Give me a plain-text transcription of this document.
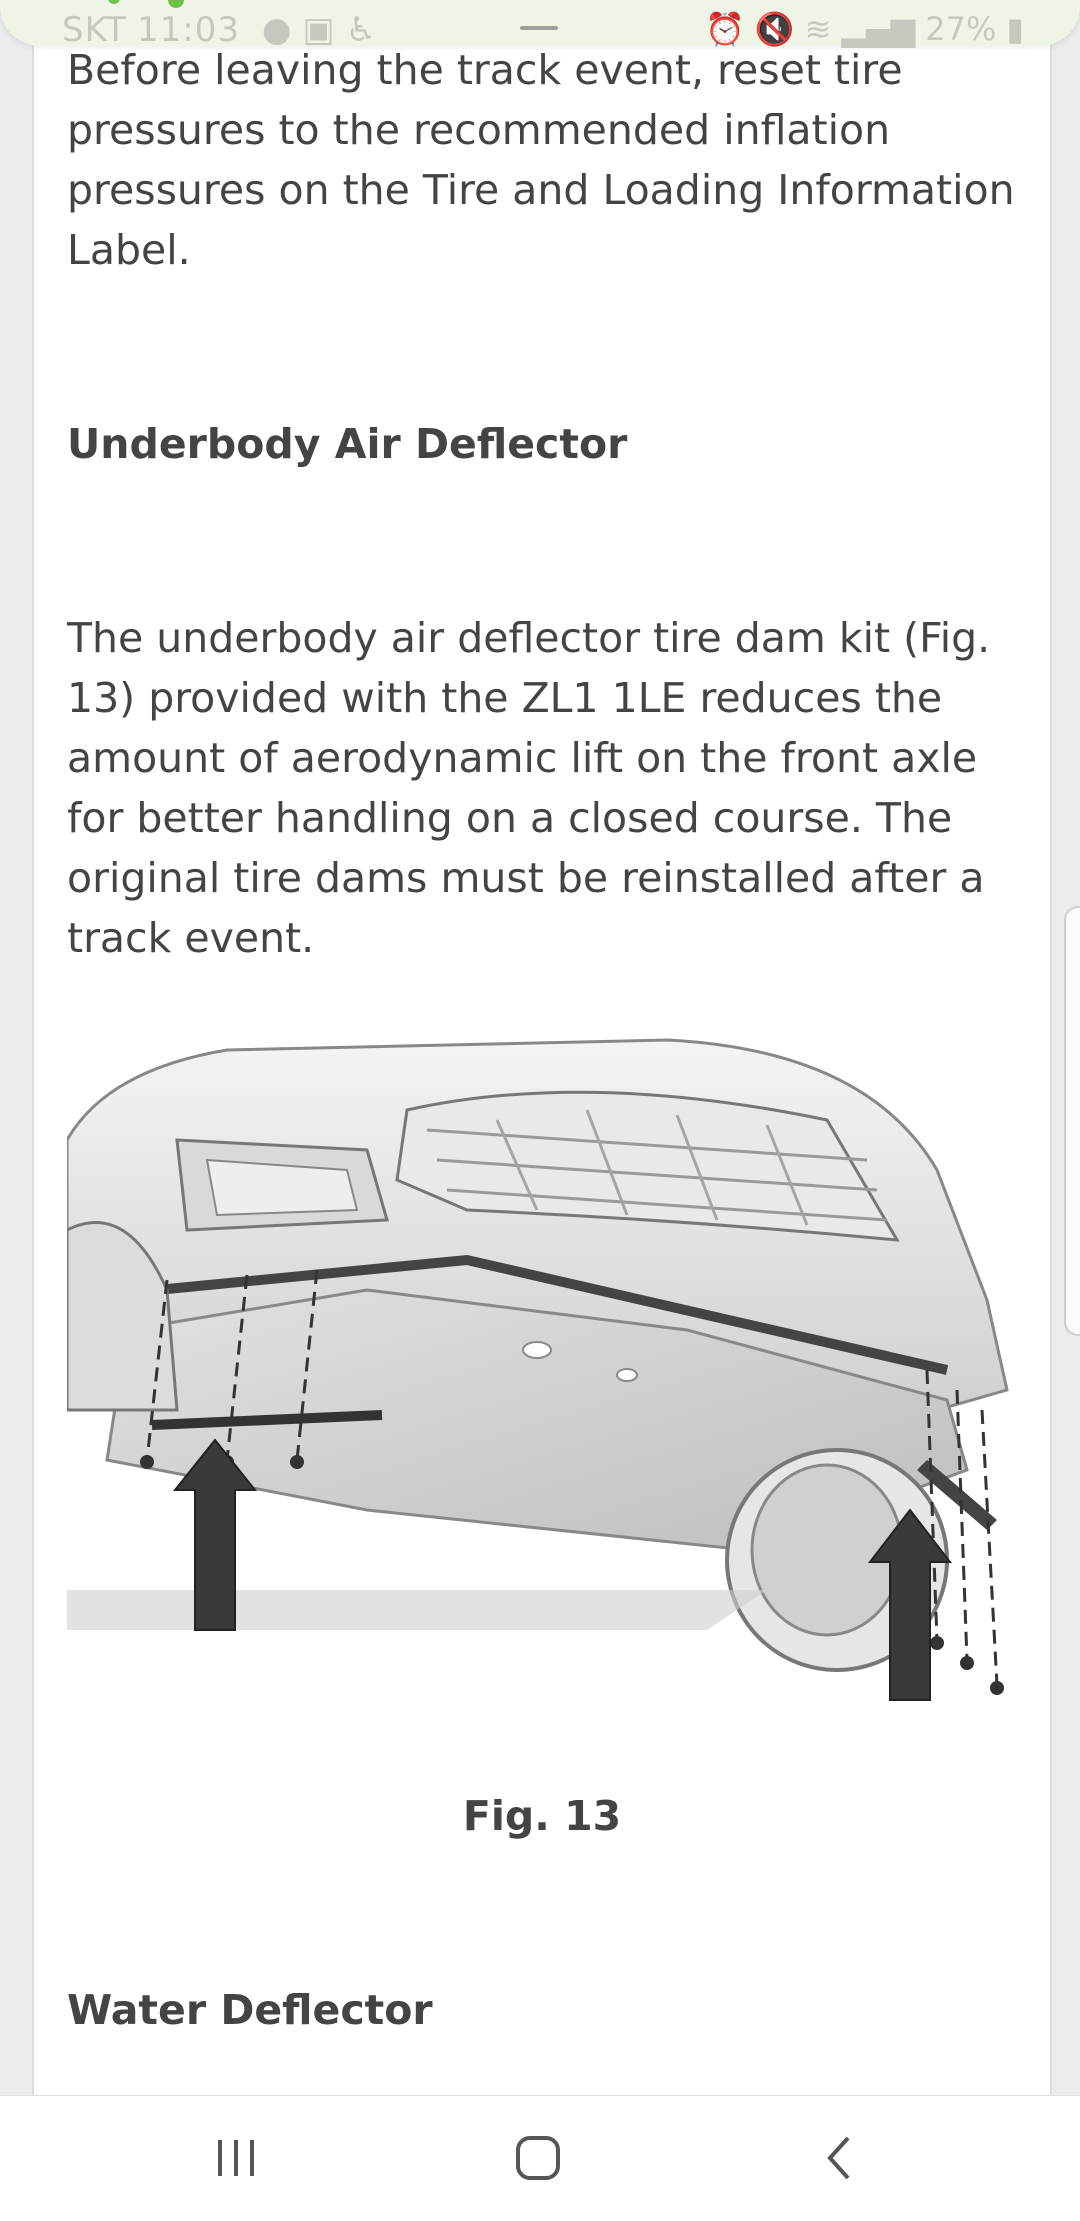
SKT 11:03 ● ▣ ♿	⏰ 🔇 ≋ ▂▄▆ 27% ▮

Before leaving the track event, reset tire pressures to the recommended inflation pressures on the Tire and Loading Information Label.

Underbody Air Deflector

The underbody air deflector tire dam kit (Fig. 13) provided with the ZL1 1LE reduces the amount of aerodynamic lift on the front axle for better handling on a closed course. The original tire dams must be reinstalled after a track event.

Fig. 13

Water Deflector
